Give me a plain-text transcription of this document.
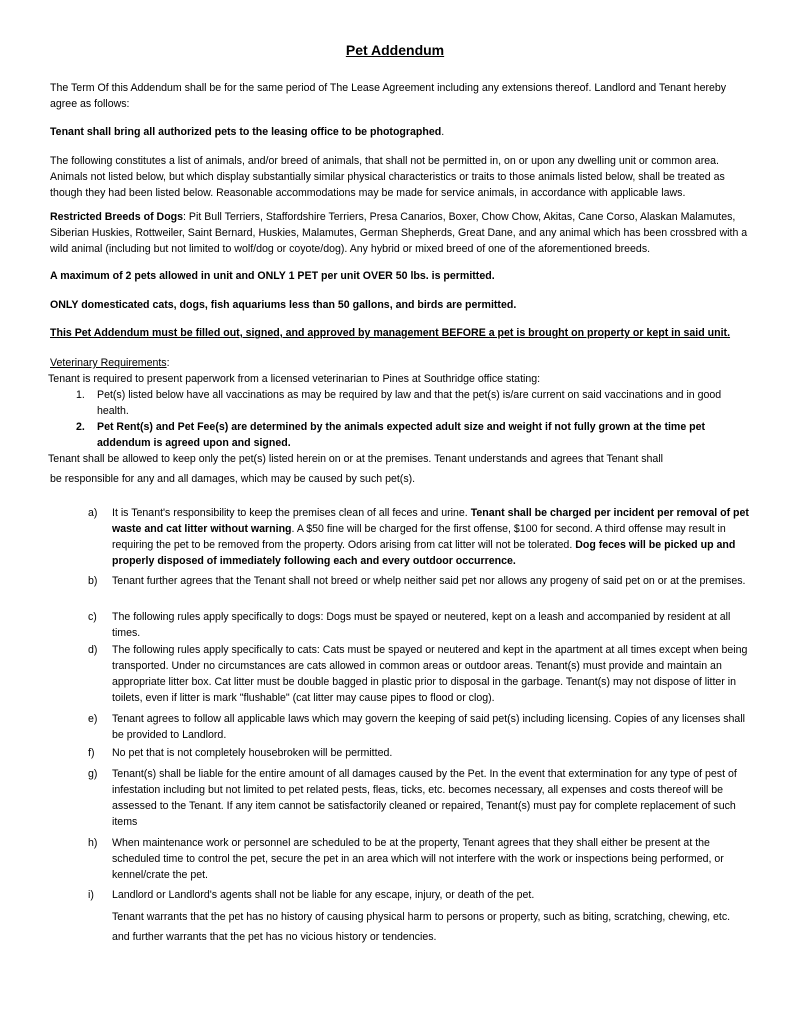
Pet Addendum

The Term Of this Addendum shall be for the same period of The Lease Agreement including any extensions thereof. Landlord and Tenant hereby agree as follows:

Tenant shall bring all authorized pets to the leasing office to be photographed.

The following constitutes a list of animals, and/or breed of animals, that shall not be permitted in, on or upon any dwelling unit or common area. Animals not listed below, but which display substantially similar physical characteristics or traits to those animals listed below, shall be treated as though they had been listed below. Reasonable accommodations may be made for service animals, in accordance with applicable laws.

Restricted Breeds of Dogs: Pit Bull Terriers, Staffordshire Terriers, Presa Canarios, Boxer, Chow Chow, Akitas, Cane Corso, Alaskan Malamutes, Siberian Huskies, Rottweiler, Saint Bernard, Huskies, Malamutes, German Shepherds, Great Dane, and any animal which has been crossbred with a wild animal (including but not limited to wolf/dog or coyote/dog). Any hybrid or mixed breed of one of the aforementioned breeds.

A maximum of 2 pets allowed in unit and ONLY 1 PET per unit OVER 50 lbs. is permitted.

ONLY domesticated cats, dogs, fish aquariums less than 50 gallons, and birds are permitted.

This Pet Addendum must be filled out, signed, and approved by management BEFORE a pet is brought on property or kept in said unit.

Veterinary Requirements:

Tenant is required to present paperwork from a licensed veterinarian to Pines at Southridge office stating:

1. Pet(s) listed below have all vaccinations as may be required by law and that the pet(s) is/are current on said vaccinations and in good health.
2. Pet Rent(s) and Pet Fee(s) are determined by the animals expected adult size and weight if not fully grown at the time pet addendum is agreed upon and signed.

Tenant shall be allowed to keep only the pet(s) listed herein on or at the premises. Tenant understands and agrees that Tenant shall

be responsible for any and all damages, which may be caused by such pet(s).

a) It is Tenant's responsibility to keep the premises clean of all feces and urine. Tenant shall be charged per incident per removal of pet waste and cat litter without warning. A $50 fine will be charged for the first offense, $100 for second. A third offense may result in requiring the pet to be removed from the property. Odors arising from cat litter will not be tolerated. Dog feces will be picked up and properly disposed of immediately following each and every outdoor occurrence.
b) Tenant further agrees that the Tenant shall not breed or whelp neither said pet nor allows any progeny of said pet on or at the premises.
c) The following rules apply specifically to dogs: Dogs must be spayed or neutered, kept on a leash and accompanied by resident at all times.
d) The following rules apply specifically to cats: Cats must be spayed or neutered and kept in the apartment at all times except when being transported. Under no circumstances are cats allowed in common areas or outdoor areas. Tenant(s) must provide and maintain an appropriate litter box. Cat litter must be double bagged in plastic prior to disposal in the garbage. Tenant(s) may not dispose of litter in toilets, even if litter is mark "flushable" (cat litter may cause pipes to flood or clog).
e) Tenant agrees to follow all applicable laws which may govern the keeping of said pet(s) including licensing. Copies of any licenses shall be provided to Landlord.
f) No pet that is not completely housebroken will be permitted.
g) Tenant(s) shall be liable for the entire amount of all damages caused by the Pet. In the event that extermination for any type of pest of infestation including but not limited to pet related pests, fleas, ticks, etc. becomes necessary, all expenses and costs thereof will be assessed to the Tenant. If any item cannot be satisfactorily cleaned or repaired, Tenant(s) must pay for complete replacement of such items
h) When maintenance work or personnel are scheduled to be at the property, Tenant agrees that they shall either be present at the scheduled time to control the pet, secure the pet in an area which will not interfere with the work or inspections being performed, or kennel/crate the pet.
i) Landlord or Landlord's agents shall not be liable for any escape, injury, or death of the pet.
Tenant warrants that the pet has no history of causing physical harm to persons or property, such as biting, scratching, chewing, etc. and further warrants that the pet has no vicious history or tendencies.
